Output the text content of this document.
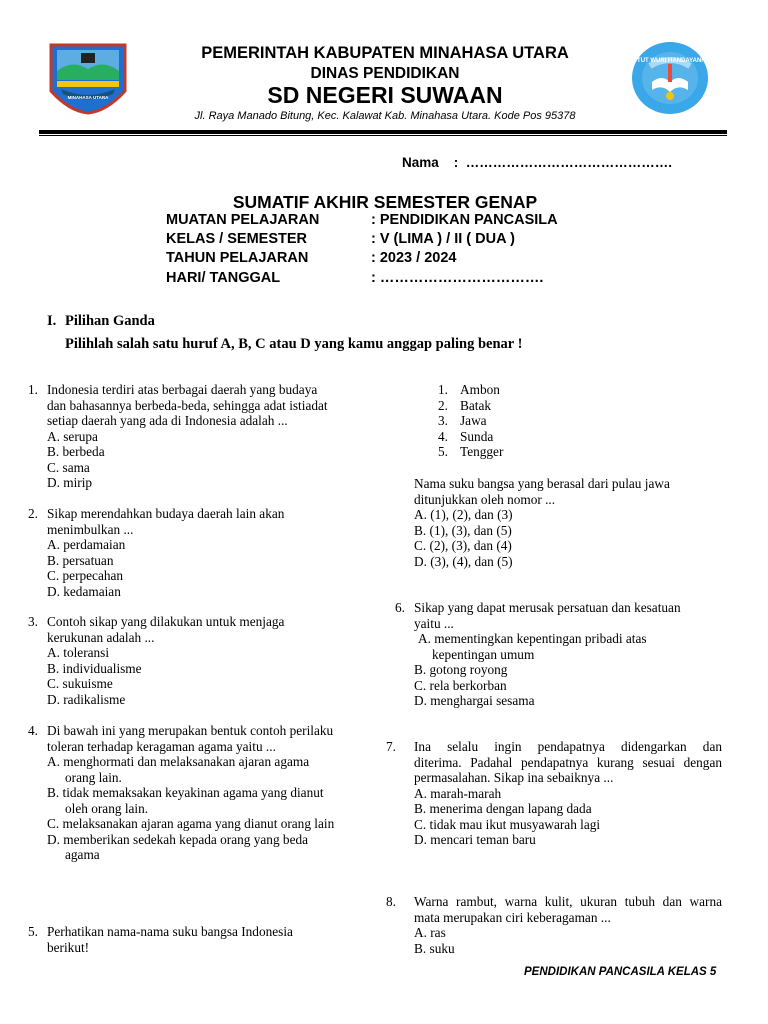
MINAHASA UTARA
TUT WURI HANDAYANI
PEMERINTAH KABUPATEN MINAHASA UTARA
DINAS PENDIDIKAN
SD NEGERI SUWAAN
Jl. Raya Manado Bitung, Kec. Kalawat Kab. Minahasa Utara. Kode Pos 95378
Nama :  ……………………………………….
SUMATIF AKHIR SEMESTER GENAP
MUATAN PELAJARAN	: PENDIDIKAN PANCASILA
KELAS / SEMESTER	: V (LIMA ) / II ( DUA )
TAHUN PELAJARAN	: 2023 / 2024
HARI/ TANGGAL	: …………………………….
I. Pilihan Ganda
Pilihlah salah satu huruf A, B, C atau D yang kamu anggap paling benar !
1. Indonesia terdiri atas berbagai daerah yang budaya
dan bahasannya berbeda-beda, sehingga adat istiadat
setiap daerah yang ada di Indonesia adalah ...
A. serupa
B. berbeda
C. sama
D. mirip
2. Sikap merendahkan budaya daerah lain akan
menimbulkan ...
A. perdamaian
B. persatuan
C. perpecahan
D. kedamaian
3. Contoh sikap yang dilakukan untuk menjaga
kerukunan adalah ...
A. toleransi
B. individualisme
C. sukuisme
D. radikalisme
4. Di bawah ini yang merupakan bentuk contoh perilaku
toleran terhadap keragaman agama yaitu ...
A. menghormati dan melaksanakan ajaran agama
orang lain.
B. tidak memaksakan keyakinan agama yang dianut
oleh orang lain.
C. melaksanakan ajaran agama yang dianut orang lain
D. memberikan sedekah kepada orang yang beda
agama
5. Perhatikan nama-nama suku bangsa Indonesia
berikut!
1. Ambon
2. Batak
3. Jawa
4. Sunda
5. Tengger
Nama suku bangsa yang berasal dari pulau jawa
ditunjukkan oleh nomor ...
A. (1), (2), dan (3)
B. (1), (3), dan (5)
C. (2), (3), dan (4)
D. (3), (4), dan (5)
6. Sikap yang dapat merusak persatuan dan kesatuan
yaitu ...
A. mementingkan kepentingan pribadi atas
kepentingan umum
B. gotong royong
C. rela berkorban
D. menghargai sesama
7. Ina selalu ingin pendapatnya didengarkan dan
diterima. Padahal pendapatnya kurang sesuai dengan
permasalahan. Sikap ina sebaiknya ...
A. marah-marah
B. menerima dengan lapang dada
C. tidak mau ikut musyawarah lagi
D. mencari teman baru
8. Warna rambut, warna kulit, ukuran tubuh dan warna
mata merupakan ciri keberagaman ...
A. ras
B. suku
PENDIDIKAN PANCASILA KELAS 5
